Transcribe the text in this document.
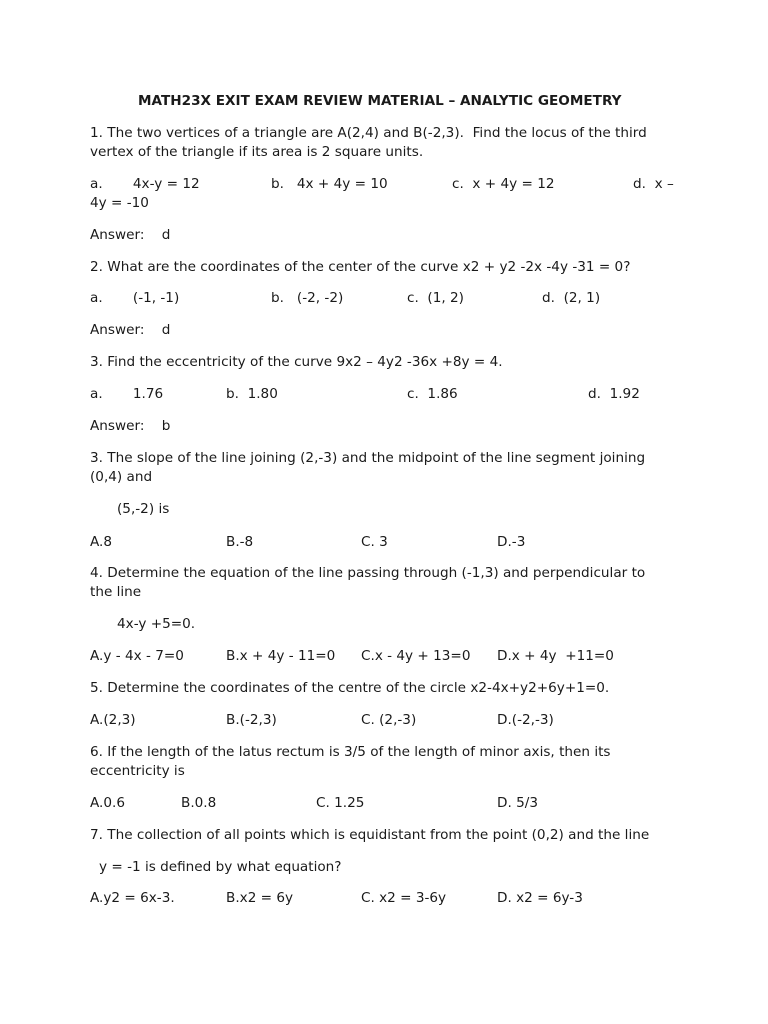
MATH23X EXIT EXAM REVIEW MATERIAL – ANALYTIC GEOMETRY
1. The two vertices of a triangle are A(2,4) and B(-2,3).  Find the locus of the third
vertex of the triangle if its area is 2 square units.
a.       4x-y = 12	b.   4x + 4y = 10	c.  x + 4y = 12	d.  x –
4y = -10
Answer:    d
2. What are the coordinates of the center of the curve x2 + y2 -2x -4y -31 = 0?
a.       (-1, -1)	b.   (-2, -2)	c.  (1, 2)	d.  (2, 1)
Answer:    d
3. Find the eccentricity of the curve 9x2 – 4y2 -36x +8y = 4.
a.       1.76	b.  1.80	c.  1.86	d.  1.92
Answer:    b
3. The slope of the line joining (2,-3) and the midpoint of the line segment joining
(0,4) and
(5,-2) is
A.8	B.-8	C. 3	D.-3
4. Determine the equation of the line passing through (-1,3) and perpendicular to
the line
4x-y +5=0.
A.y - 4x - 7=0	B.x + 4y - 11=0 C.x - 4y + 13=0 D.x + 4y  +11=0
5. Determine the coordinates of the centre of the circle x2-4x+y2+6y+1=0.
A.(2,3)	B.(-2,3)	C. (2,-3)	D.(-2,-3)
6. If the length of the latus rectum is 3/5 of the length of minor axis, then its
eccentricity is
A.0.6	B.0.8	C. 1.25	D. 5/3
7. The collection of all points which is equidistant from the point (0,2) and the line
y = -1 is defined by what equation?
A.y2 = 6x-3.	B.x2 = 6y	C. x2 = 3-6y	D. x2 = 6y-3
